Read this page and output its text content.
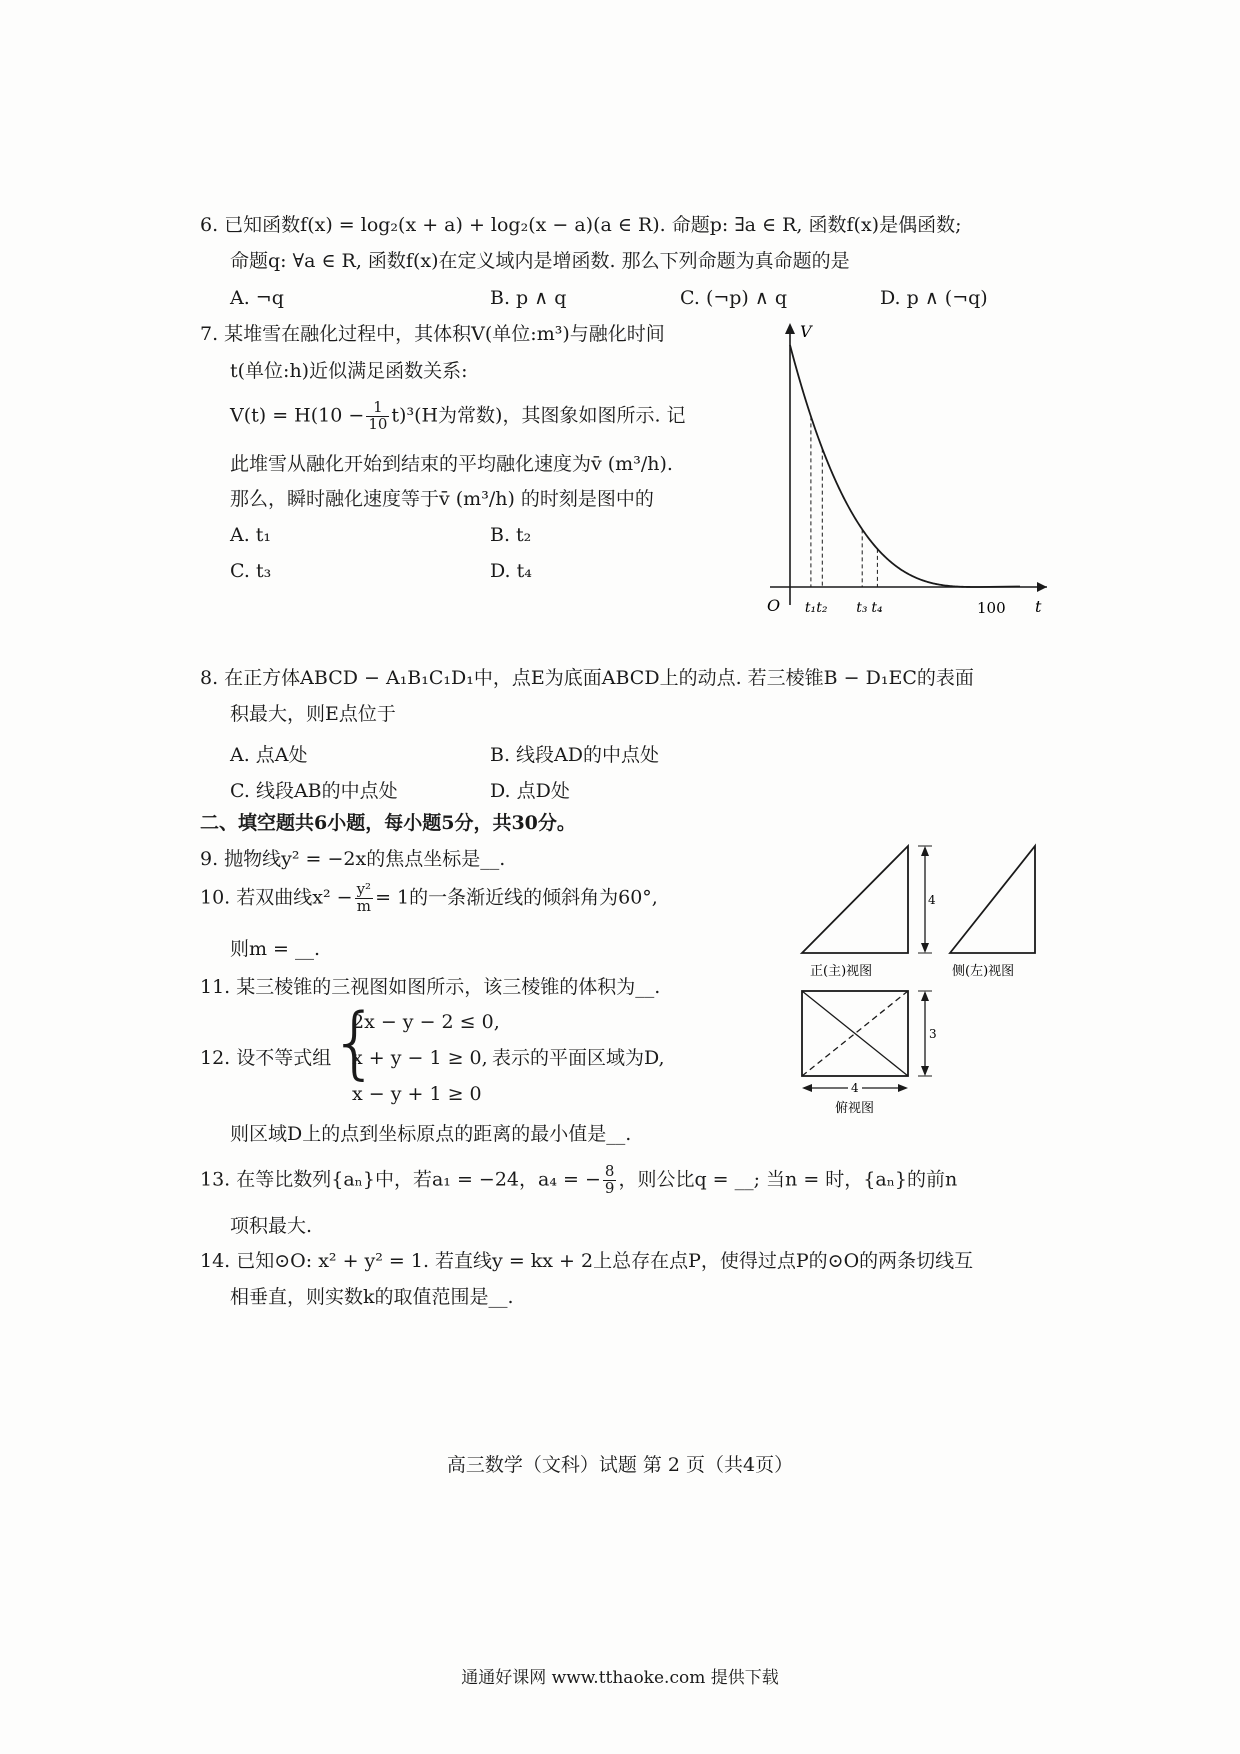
6. 已知函数f(x) = log₂(x + a) + log₂(x − a)(a ∈ R). 命题p: ∃a ∈ R, 函数f(x)是偶函数;
命题q: ∀a ∈ R, 函数f(x)在定义域内是增函数. 那么下列命题为真命题的是
A. ¬q	B. p ∧ q	C. (¬p) ∧ q	D. p ∧ (¬q)
7. 某堆雪在融化过程中，其体积V(单位:m³)与融化时间
t(单位:h)近似满足函数关系:
$V(t) = H(10 - \frac{1}{10} t)^3(H$为常数)，其图象如图所示. 记
此堆雪从融化开始到结束的平均融化速度为v̄ (m³/h).
那么，瞬时融化速度等于v̄ (m³/h) 的时刻是图中的
A. t₁	B. t₂
C. t₃	D. t₄
V
t
O	100
t₁ t₂ t₃ t₄
8. 在正方体ABCD − A₁B₁C₁D₁中，点E为底面ABCD上的动点. 若三棱锥B − D₁EC的表面
积最大，则E点位于
A. 点A处	B. 线段AD的中点处
C. 线段AB的中点处	D. 点D处
二、填空题共6小题，每小题5分，共30分。
9. 抛物线y² = −2x的焦点坐标是__.
10. 若双曲线$x^2 - \frac{\text{y²}}{m} = 1$的一条渐近线的倾斜角为60°,
则m = __.
11. 某三棱锥的三视图如图所示，该三棱锥的体积为__.
12. 设不等式组
{
2x − y − 2 ≤ 0,
x + y − 1 ≥ 0,
x − y + 1 ≥ 0
表示的平面区域为D,
则区域D上的点到坐标原点的距离的最小值是__.
4
正(主)视图	侧(左)视图
3
4
俯视图
13. 在等比数列{aₙ}中，若a₁ = −24，a₄ = − $\frac{8}{9}$ ，则公比q = __; 当n = 时，{aₙ}的前n
项积最大.
14. 已知⊙O: x² + y² = 1. 若直线y = kx + 2上总存在点P，使得过点P的⊙O的两条切线互
相垂直，则实数k的取值范围是__.
高三数学（文科）试题 第 2 页（共4页）
通通好课网 www.tthaoke.com 提供下载
